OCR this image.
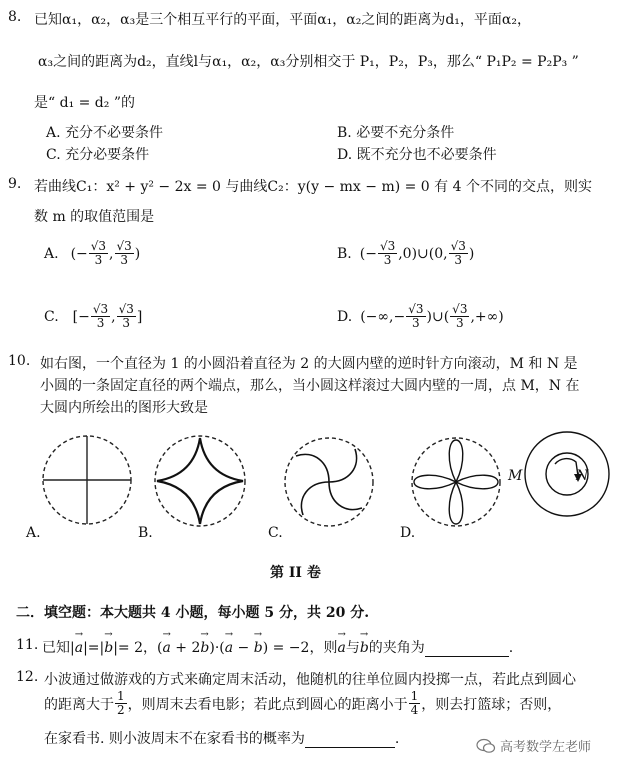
8. 已知α₁，α₂，α₃是三个相互平行的平面，平面α₁，α₂之间的距离为d₁，平面α₂，
α₃之间的距离为d₂，直线l与α₁，α₂，α₃分别相交于 P₁，P₂，P₃，那么“ P₁P₂ = P₂P₃ ”
是“ d₁ = d₂ ”的
A. 充分不必要条件	B. 必要不充分条件
C. 充分必要条件	D. 既不充分也不必要条件
9. 若曲线C₁：x² + y² − 2x = 0 与曲线C₂：y(y − mx − m) = 0 有 4 个不同的交点，则实
数 m 的取值范围是
A. ( − $\frac{√3}{3}$ , $\frac{√3}{3}$ )	B. ( − $\frac{√3}{3}$ ,0)∪(0, $\frac{√3}{3}$ )
C. [ − $\frac{√3}{3}$ , $\frac{√3}{3}$ ]	D. (−∞,− $\frac{√3}{3}$ )∪( $\frac{√3}{3}$ ,+∞)
10. 如右图，一个直径为 1 的小圆沿着直径为 2 的大圆内壁的逆时针方向滚动，M 和 N 是
小圆的一条固定直径的两个端点，那么，当小圆这样滚过大圆内壁的一周，点 M，N 在
大圆内所绘出的图形大致是
M	N
A.	B.	C.	D.
第 II 卷
二．填空题：本大题共 4 小题，每小题 5 分，共 20 分.
11. 已知|→ a|=|→ b|= 2，(→ a + 2→ b)·(→ a − → b) = −2，则→ a与→ b的夹角为	.
12. 小波通过做游戏的方式来确定周末活动，他随机的往单位圆内投掷一点，若此点到圆心
的距离大于 $\frac{1}{2}$ ，则周末去看电影；若此点到圆心的距离小于 $\frac{1}{4}$ ，则去打篮球；否则，
在家看书. 则小波周末不在家看书的概率为	.
高考数学左老师
